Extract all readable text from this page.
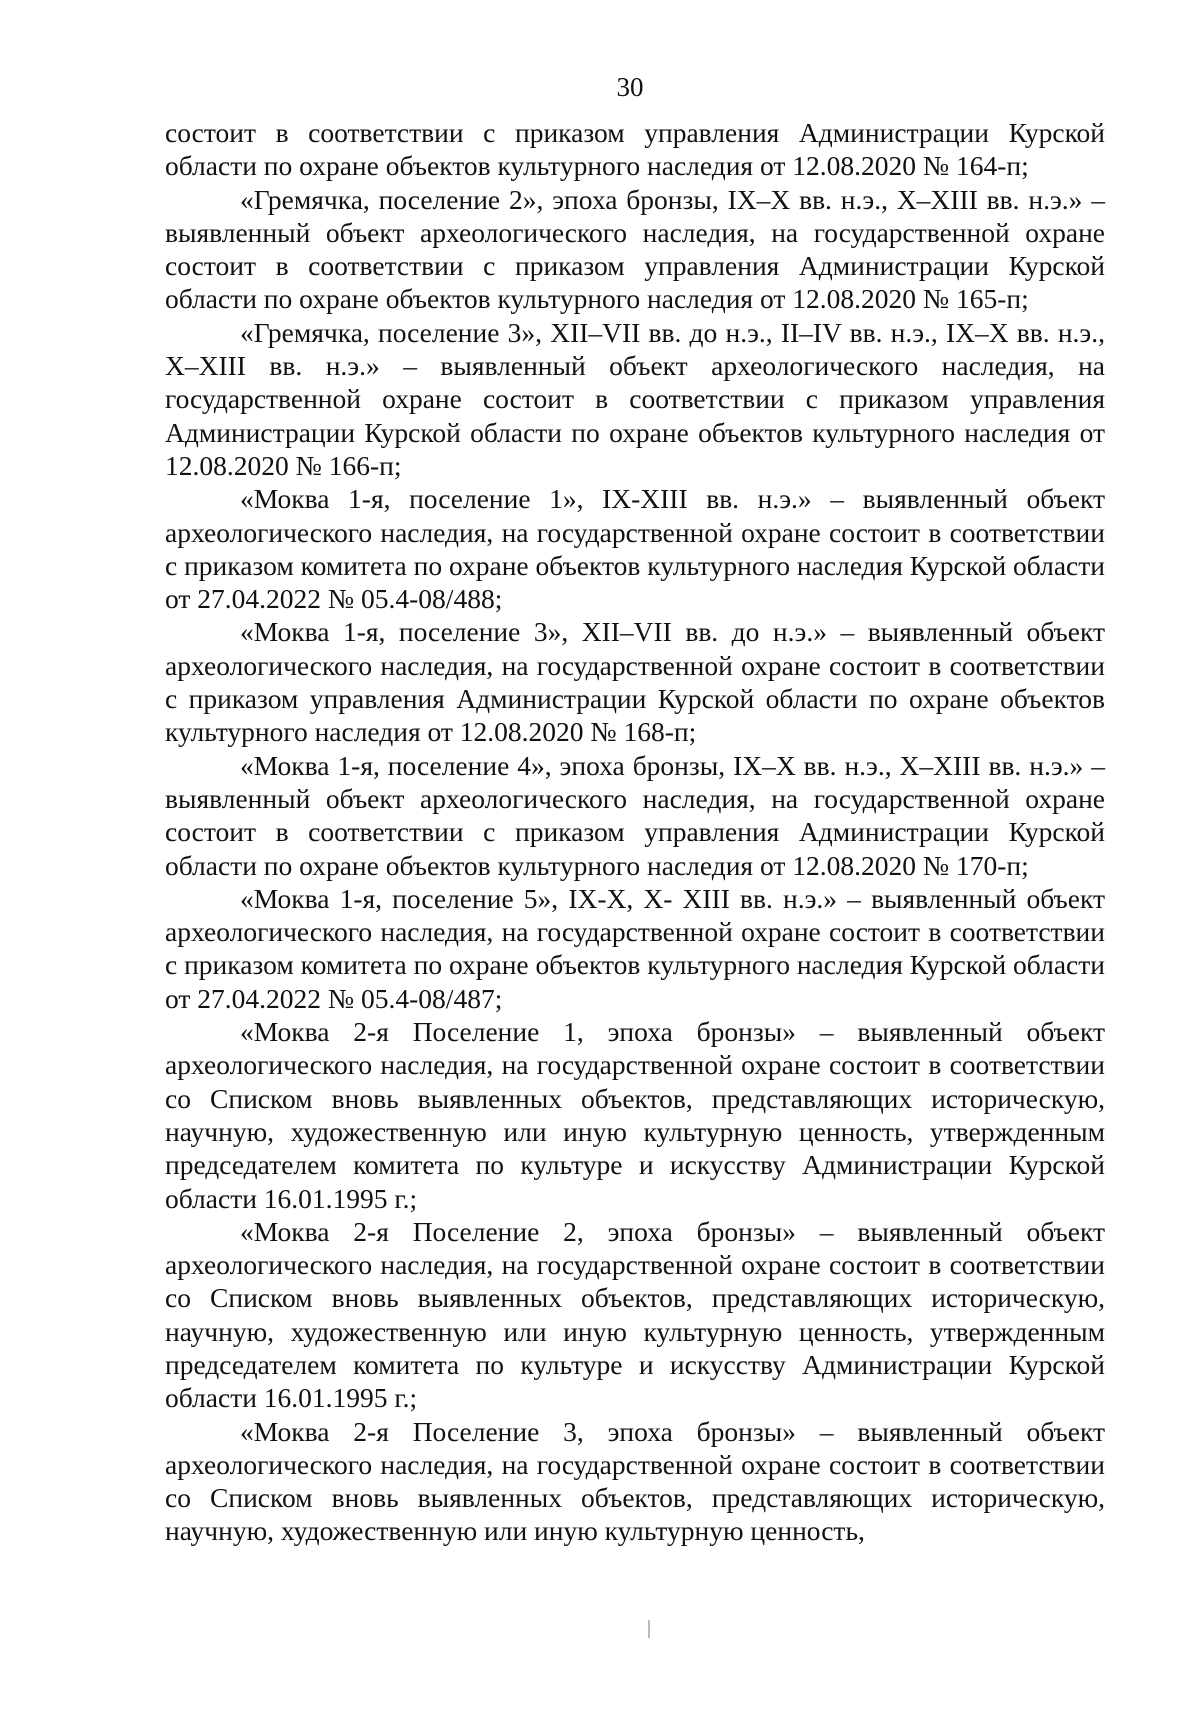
30

состоит в соответствии с приказом управления Администрации Курской области по охране объектов культурного наследия от 12.08.2020 № 164-п;

«Гремячка, поселение 2», эпоха бронзы, IX–X вв. н.э., X–XIII вв. н.э.» – выявленный объект археологического наследия, на государственной охране состоит в соответствии с приказом управления Администрации Курской области по охране объектов культурного наследия от 12.08.2020 № 165-п;

«Гремячка, поселение 3», XII–VII вв. до н.э., II–IV вв. н.э., IX–X вв. н.э., X–XIII вв. н.э.» – выявленный объект археологического наследия, на государственной охране состоит в соответствии с приказом управления Администрации Курской области по охране объектов культурного наследия от 12.08.2020 № 166-п;

«Моква 1-я, поселение 1», IX-XIII вв. н.э.» – выявленный объект археологического наследия, на государственной охране состоит в соответствии с приказом комитета по охране объектов культурного наследия Курской области от 27.04.2022 № 05.4-08/488;

«Моква 1-я, поселение 3», XII–VII вв. до н.э.» – выявленный объект археологического наследия, на государственной охране состоит в соответствии с приказом управления Администрации Курской области по охране объектов культурного наследия от 12.08.2020 № 168-п;

«Моква 1-я, поселение 4», эпоха бронзы, IX–X вв. н.э., X–XIII вв. н.э.» – выявленный объект археологического наследия, на государственной охране состоит в соответствии с приказом управления Администрации Курской области по охране объектов культурного наследия от 12.08.2020 № 170-п;

«Моква 1-я, поселение 5», IX-X, X- XIII вв. н.э.» – выявленный объект археологического наследия, на государственной охране состоит в соответствии с приказом комитета по охране объектов культурного наследия Курской области от 27.04.2022 № 05.4-08/487;

«Моква 2-я Поселение 1, эпоха бронзы» – выявленный объект археологического наследия, на государственной охране состоит в соответствии со Списком вновь выявленных объектов, представляющих историческую, научную, художественную или иную культурную ценность, утвержденным председателем комитета по культуре и искусству Администрации Курской области 16.01.1995 г.;

«Моква 2-я Поселение 2, эпоха бронзы» – выявленный объект археологического наследия, на государственной охране состоит в соответствии со Списком вновь выявленных объектов, представляющих историческую, научную, художественную или иную культурную ценность, утвержденным председателем комитета по культуре и искусству Администрации Курской области 16.01.1995 г.;

«Моква 2-я Поселение 3, эпоха бронзы» – выявленный объект археологического наследия, на государственной охране состоит в соответствии со Списком вновь выявленных объектов, представляющих историческую, научную, художественную или иную культурную ценность,
